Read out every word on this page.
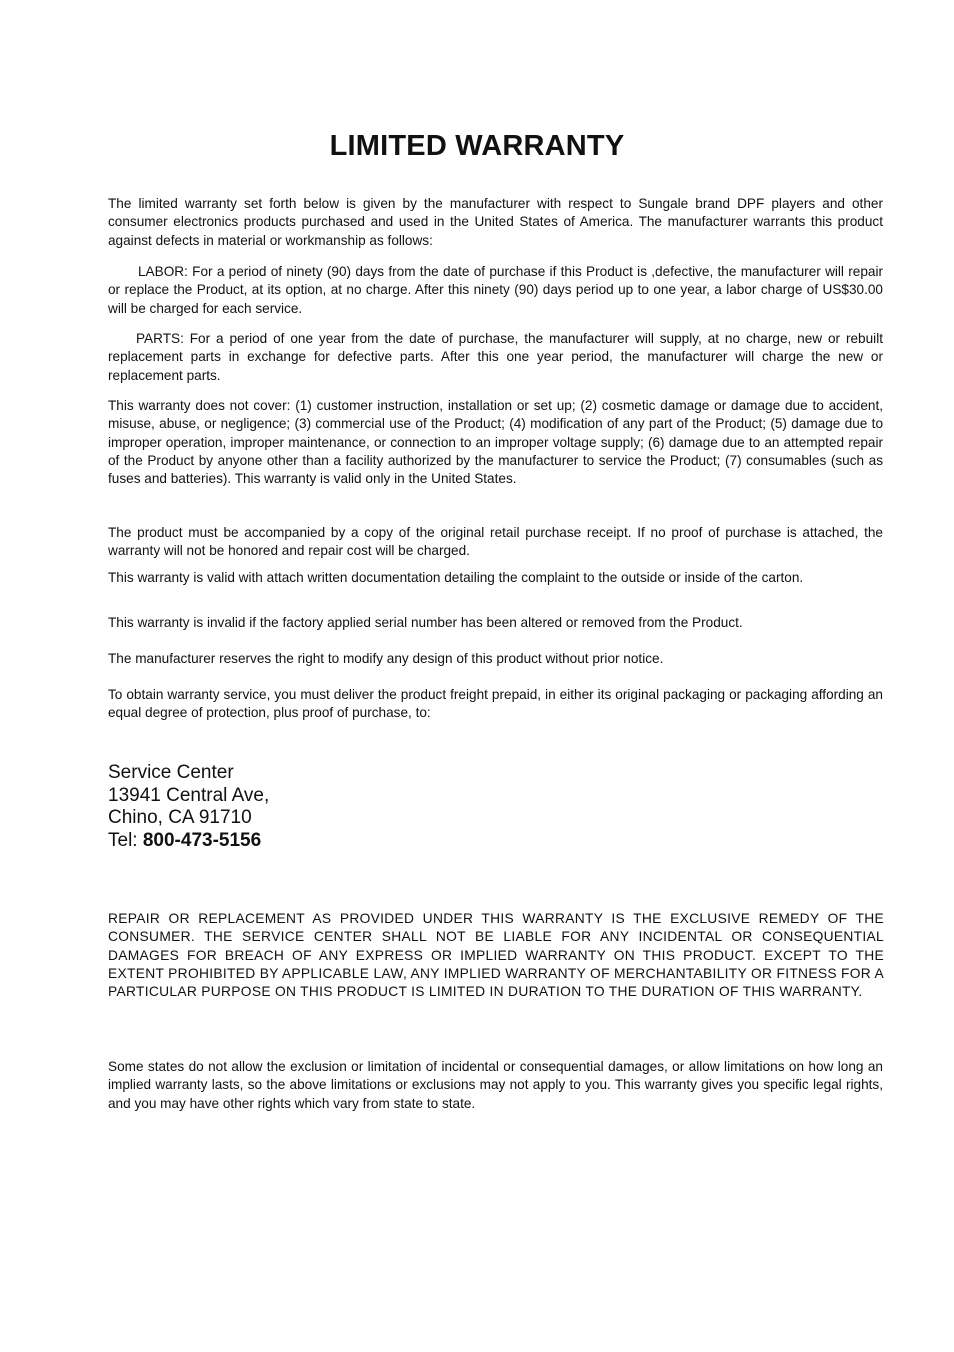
LIMITED WARRANTY

The limited warranty set forth below is given by the manufacturer with respect to Sungale brand DPF players and other consumer electronics products purchased and used in the United States of America. The manufacturer warrants this product against defects in material or workmanship as follows:

LABOR: For a period of ninety (90) days from the date of purchase if this Product is ,defective, the manufacturer will repair or replace the Product, at its option, at no charge. After this ninety (90) days period up to one year, a labor charge of US$30.00 will be charged for each service.

PARTS: For a period of one year from the date of purchase, the manufacturer will supply, at no charge, new or rebuilt replacement parts in exchange for defective parts. After this one year period, the manufacturer will charge the new or replacement parts.

This warranty does not cover: (1) customer instruction, installation or set up; (2) cosmetic damage or damage due to accident, misuse, abuse, or negligence; (3) commercial use of the Product; (4) modification of any part of the Product; (5) damage due to improper operation, improper maintenance, or connection to an improper voltage supply; (6) damage due to an attempted repair of the Product by anyone other than a facility authorized by the manufacturer to service the Product; (7) consumables (such as fuses and batteries). This warranty is valid only in the United States.

The product must be accompanied by a copy of the original retail purchase receipt. If no proof of purchase is attached, the warranty will not be honored and repair cost will be charged.

This warranty is valid with attach written documentation detailing the complaint to the outside or inside of the carton.

This warranty is invalid if the factory applied serial number has been altered or removed from the Product.

The manufacturer reserves the right to modify any design of this product without prior notice.

To obtain warranty service, you must deliver the product freight prepaid, in either its original packaging or packaging affording an equal degree of protection, plus proof of purchase, to:

Service Center
13941 Central Ave,
Chino, CA 91710
Tel: 800-473-5156

REPAIR OR REPLACEMENT AS PROVIDED UNDER THIS WARRANTY IS THE EXCLUSIVE REMEDY OF THE CONSUMER. THE SERVICE CENTER SHALL NOT BE LIABLE FOR ANY INCIDENTAL OR CONSEQUENTIAL DAMAGES FOR BREACH OF ANY EXPRESS OR IMPLIED WARRANTY ON THIS PRODUCT. EXCEPT TO THE EXTENT PROHIBITED BY APPLICABLE LAW, ANY IMPLIED WARRANTY OF MERCHANTABILITY OR FITNESS FOR A PARTICULAR PURPOSE ON THIS PRODUCT IS LIMITED IN DURATION TO THE DURATION OF THIS WARRANTY.

Some states do not allow the exclusion or limitation of incidental or consequential damages, or allow limitations on how long an implied warranty lasts, so the above limitations or exclusions may not apply to you. This warranty gives you specific legal rights, and you may have other rights which vary from state to state.
